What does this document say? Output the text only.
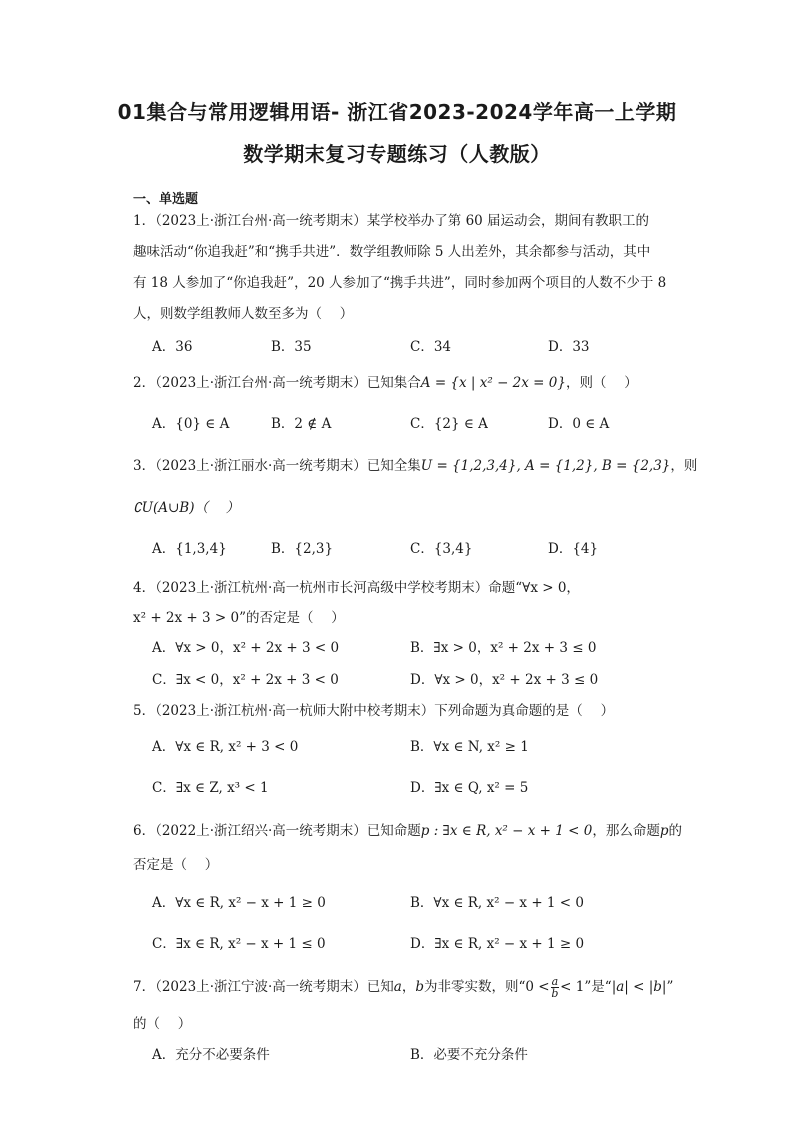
01集合与常用逻辑用语- 浙江省2023-2024学年高一上学期
数学期末复习专题练习（人教版）
一、单选题
1．（2023上·浙江台州·高一统考期末）某学校举办了第 60 届运动会，期间有教职工的
趣味活动“你追我赶”和“携手共进”．数学组教师除 5 人出差外，其余都参与活动，其中
有 18 人参加了“你追我赶”，20 人参加了“携手共进”，同时参加两个项目的人数不少于 8
人，则数学组教师人数至多为（　 ）
A．36	B．35	C．34	D．33
2．（2023上·浙江台州·高一统考期末）已知集合A = {x | x² − 2x = 0}，则（　 ）
A．{0} ∈ A	B．2 ∉ A	C．{2} ∈ A	D．0 ∈ A
3．（2023上·浙江丽水·高一统考期末）已知全集U = {1,2,3,4}, A = {1,2}, B = {2,3}，则
∁U(A∪B)（　 ）
A．{1,3,4}	B．{2,3}	C．{3,4}	D．{4}
4．（2023上·浙江杭州·高一杭州市长河高级中学校考期末）命题“∀x > 0，
x² + 2x + 3 > 0”的否定是（　 ）
A．∀x > 0，x² + 2x + 3 < 0	B．∃x > 0，x² + 2x + 3 ≤ 0
C．∃x < 0，x² + 2x + 3 < 0	D．∀x > 0，x² + 2x + 3 ≤ 0
5．（2023上·浙江杭州·高一杭师大附中校考期末）下列命题为真命题的是（　 ）
A．∀x ∈ R, x² + 3 < 0	B．∀x ∈ N, x² ≥ 1
C．∃x ∈ Z, x³ < 1	D．∃x ∈ Q, x² = 5
6．（2022上·浙江绍兴·高一统考期末）已知命题p : ∃x ∈ R, x² − x + 1 < 0，那么命题p的
否定是（　 ）
A．∀x ∈ R, x² − x + 1 ≥ 0	B．∀x ∈ R, x² − x + 1 < 0
C．∃x ∈ R, x² − x + 1 ≤ 0	D．∃x ∈ R, x² − x + 1 ≥ 0
7．（2023上·浙江宁波·高一统考期末）已知a，b为非零实数，则“$0 < \frac{a}{b} < 1$”是“|a| < |b|”
的（　 ）
A．充分不必要条件	B．必要不充分条件
